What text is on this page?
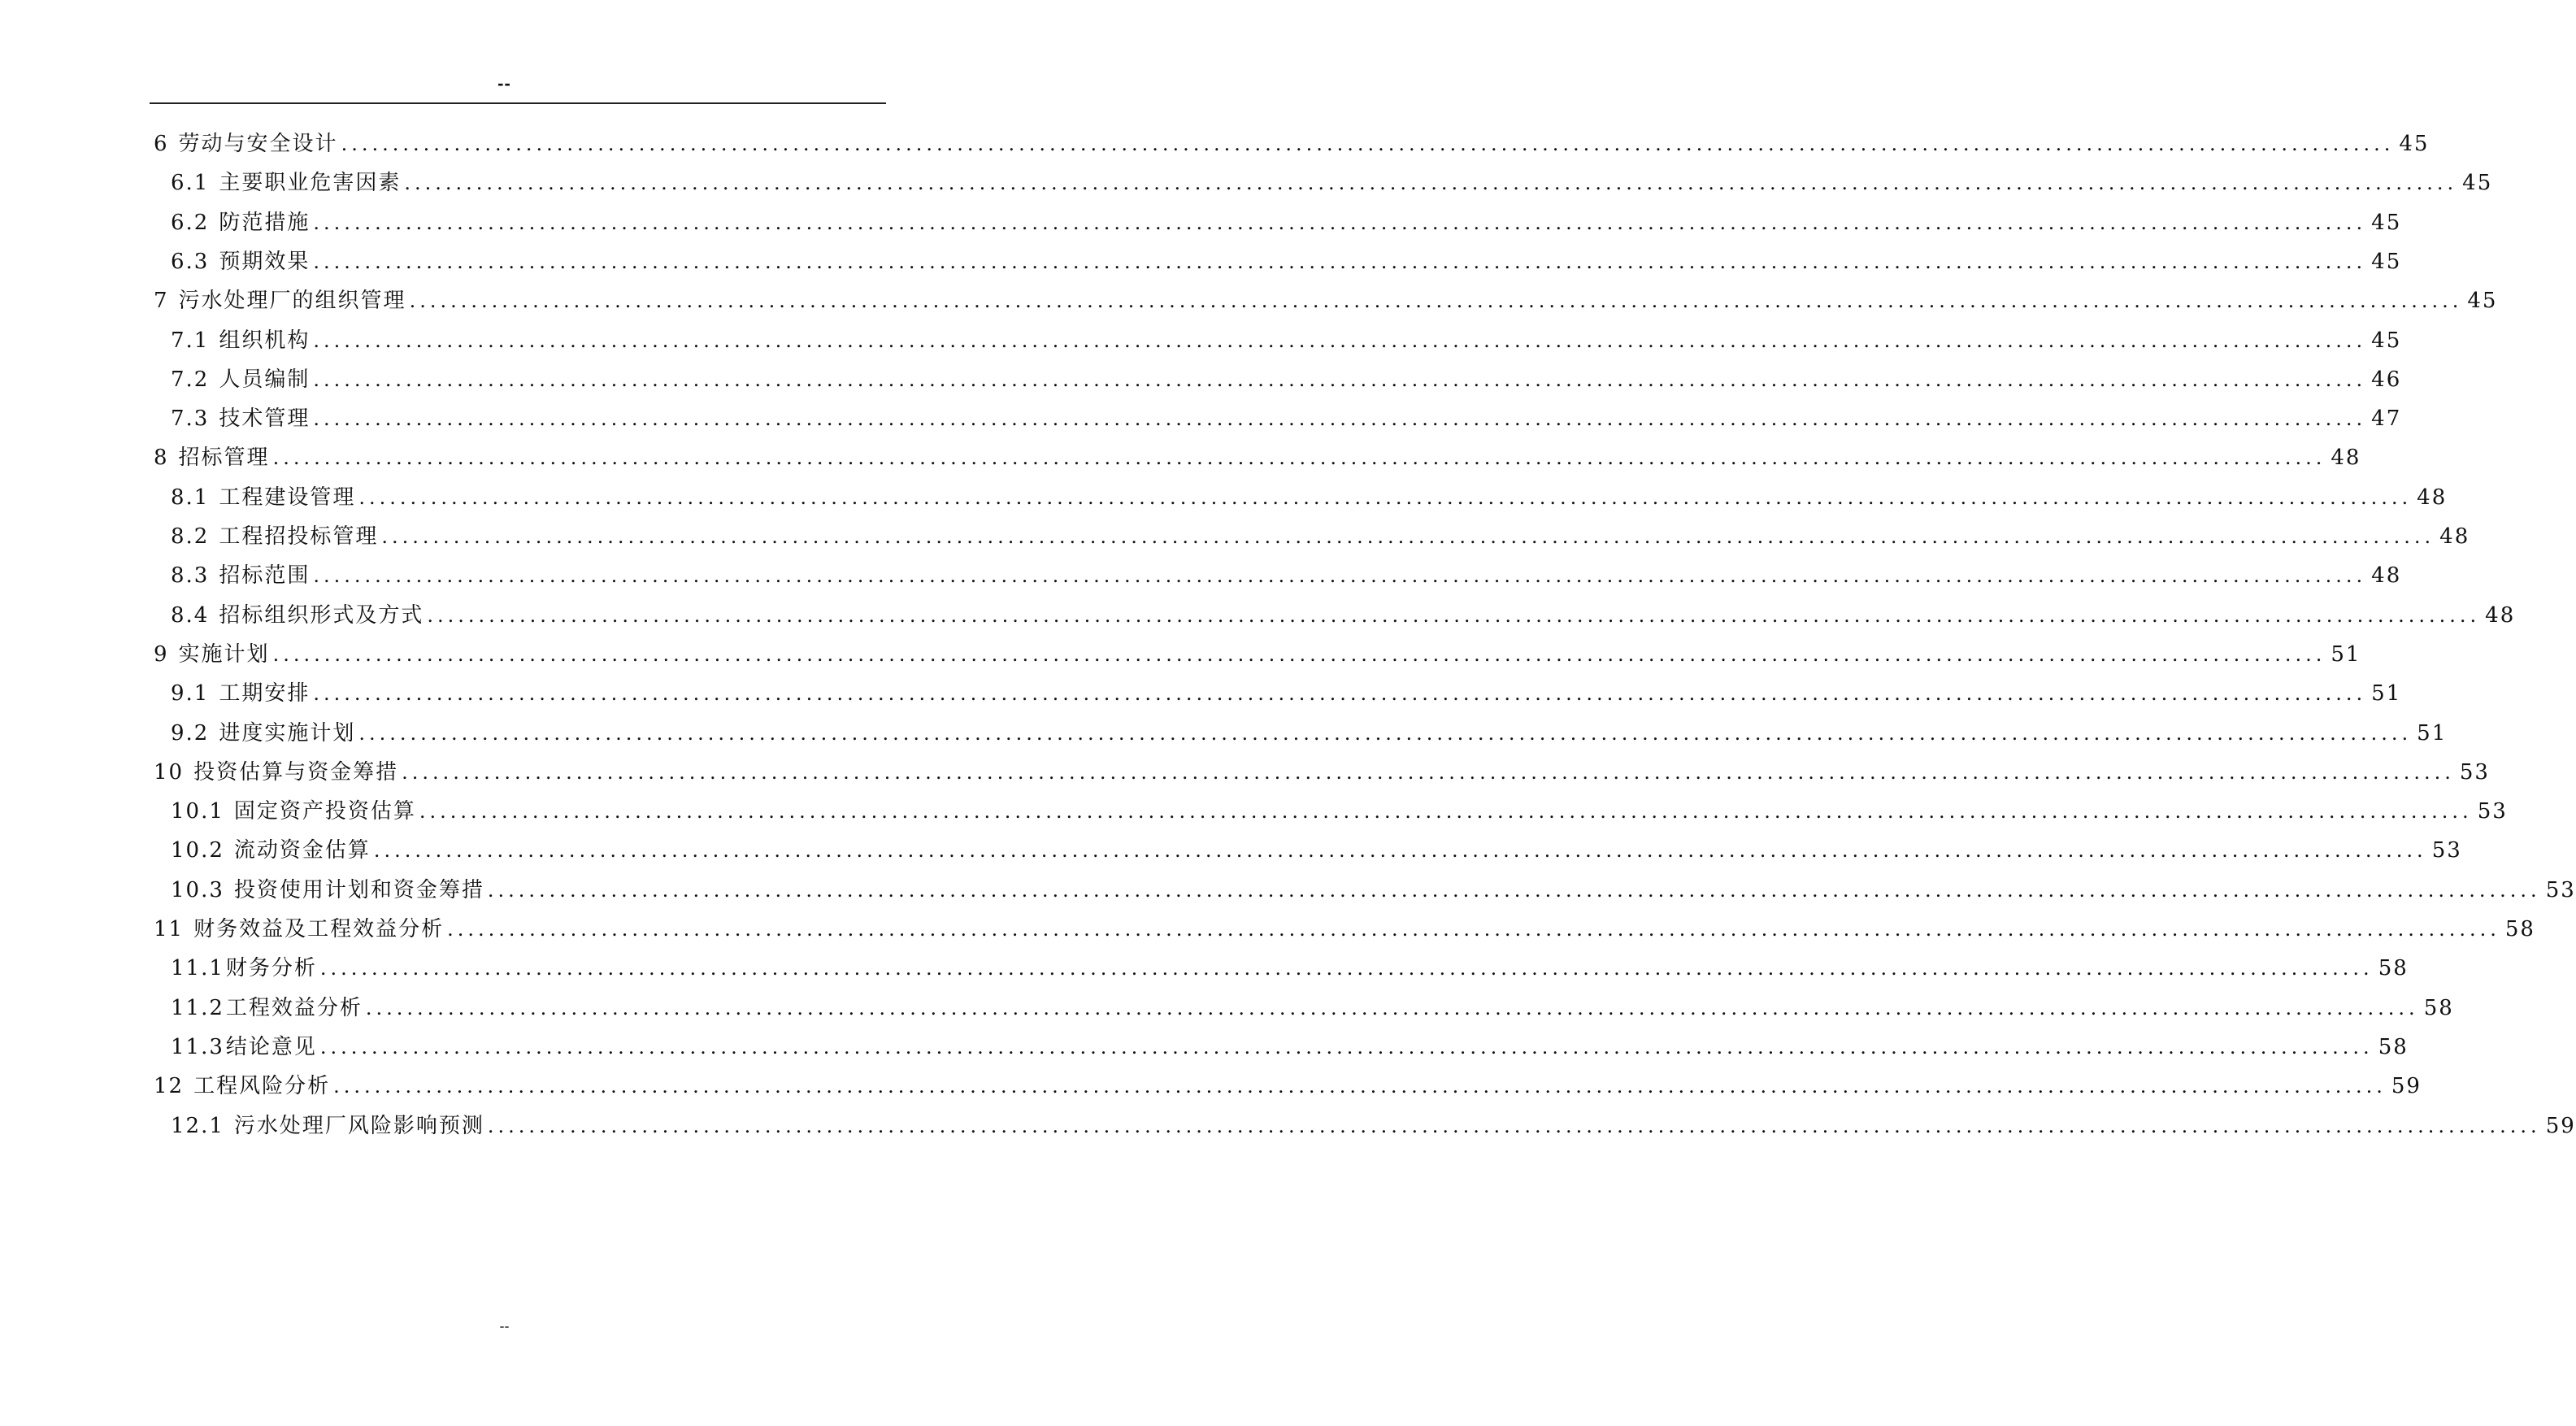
--
6 劳动与安全设计 ........................................................................................................................................................................................................ 45
6.1 主要职业危害因素 ........................................................................................................................................................................................................ 45
6.2 防范措施 ........................................................................................................................................................................................................ 45
6.3 预期效果 ........................................................................................................................................................................................................ 45
7 污水处理厂的组织管理 ........................................................................................................................................................................................................ 45
7.1 组织机构 ........................................................................................................................................................................................................ 45
7.2 人员编制 ........................................................................................................................................................................................................ 46
7.3 技术管理 ........................................................................................................................................................................................................ 47
8 招标管理 ........................................................................................................................................................................................................ 48
8.1 工程建设管理 ........................................................................................................................................................................................................ 48
8.2 工程招投标管理 ........................................................................................................................................................................................................ 48
8.3 招标范围 ........................................................................................................................................................................................................ 48
8.4 招标组织形式及方式 ........................................................................................................................................................................................................ 48
9 实施计划 ........................................................................................................................................................................................................ 51
9.1 工期安排 ........................................................................................................................................................................................................ 51
9.2 进度实施计划 ........................................................................................................................................................................................................ 51
10 投资估算与资金筹措 ........................................................................................................................................................................................................ 53
10.1 固定资产投资估算 ........................................................................................................................................................................................................ 53
10.2 流动资金估算 ........................................................................................................................................................................................................ 53
10.3 投资使用计划和资金筹措 ........................................................................................................................................................................................................ 53
11 财务效益及工程效益分析 ........................................................................................................................................................................................................ 58
11.1 财务分析 ........................................................................................................................................................................................................ 58
11.2 工程效益分析 ........................................................................................................................................................................................................ 58
11.3 结论意见 ........................................................................................................................................................................................................ 58
12 工程风险分析 ........................................................................................................................................................................................................ 59
12.1 污水处理厂风险影响预测 ........................................................................................................................................................................................................ 59
--
